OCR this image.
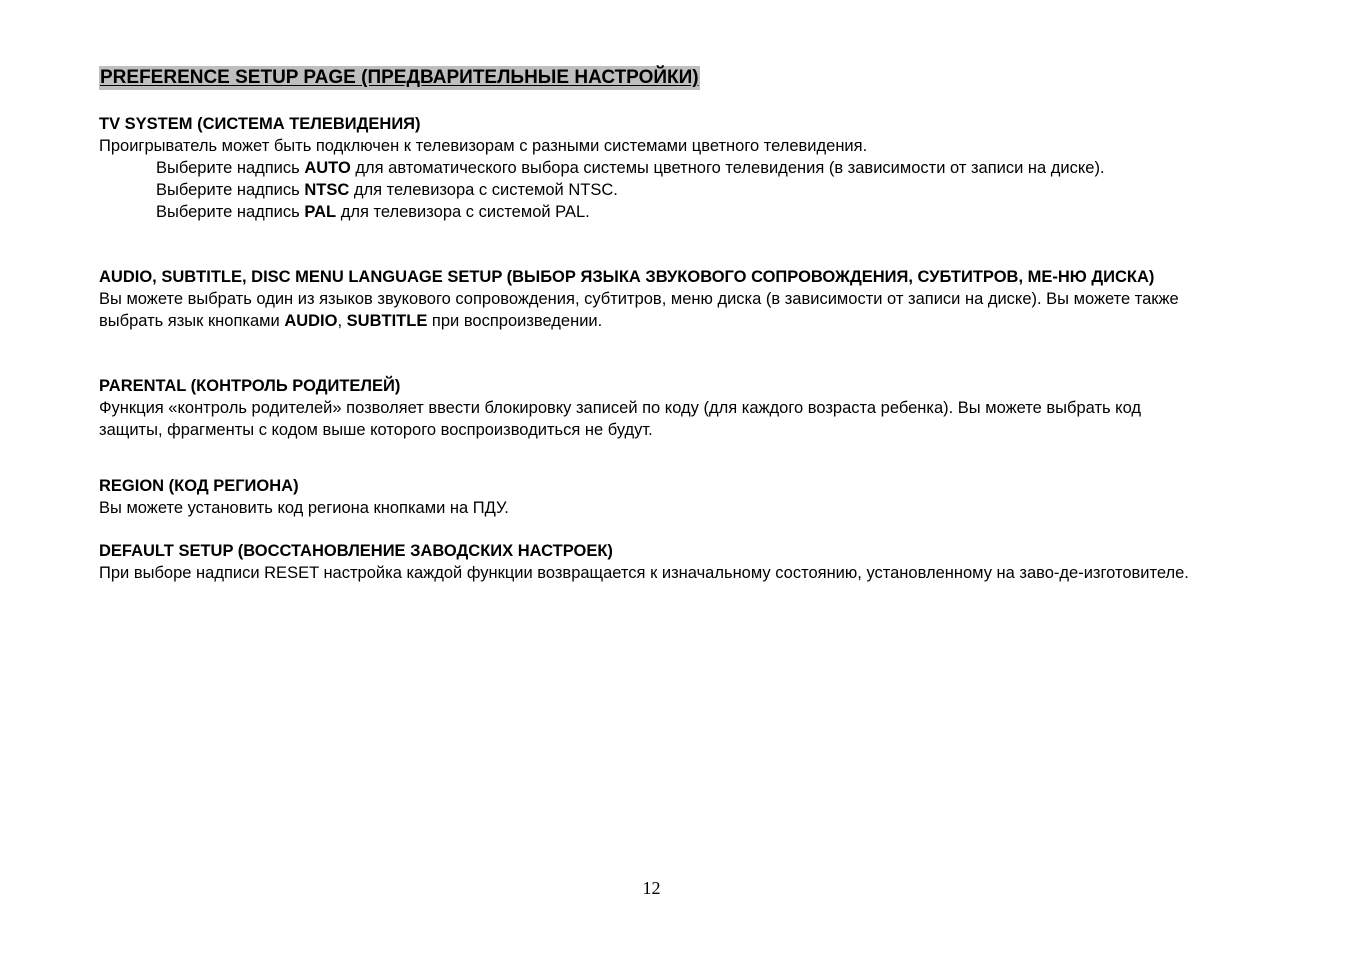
PREFERENCE SETUP PAGE (ПРЕДВАРИТЕЛЬНЫЕ НАСТРОЙКИ)

TV SYSTEM (СИСТЕМА ТЕЛЕВИДЕНИЯ)

Проигрыватель может быть подключен к телевизорам с разными системами цветного телевидения.

Выберите надпись AUTO для автоматического выбора системы цветного телевидения (в зависимости от записи на диске).

Выберите надпись NTSC для телевизора с системой NTSC.

Выберите надпись PAL для телевизора с системой PAL.

AUDIO, SUBTITLE, DISC MENU LANGUAGE SETUP (ВЫБОР ЯЗЫКА ЗВУКОВОГО СОПРОВОЖДЕНИЯ, СУБТИТРОВ, МЕ-НЮ ДИСКА)

Вы можете выбрать один из языков звукового сопровождения, субтитров, меню диска (в зависимости от записи на диске). Вы можете также выбрать язык кнопками AUDIO, SUBTITLE при воспроизведении.

PARENTAL (КОНТРОЛЬ РОДИТЕЛЕЙ)

Функция «контроль родителей» позволяет ввести блокировку записей по коду (для каждого возраста ребенка). Вы можете выбрать код защиты, фрагменты с кодом выше которого воспроизводиться не будут.

REGION (КОД РЕГИОНА)

Вы можете установить код региона кнопками на ПДУ.

DEFAULT SETUP (ВОССТАНОВЛЕНИЕ ЗАВОДСКИХ НАСТРОЕК)

При выборе надписи RESET настройка каждой функции возвращается к изначальному состоянию, установленному на заво-де-изготовителе.

12
